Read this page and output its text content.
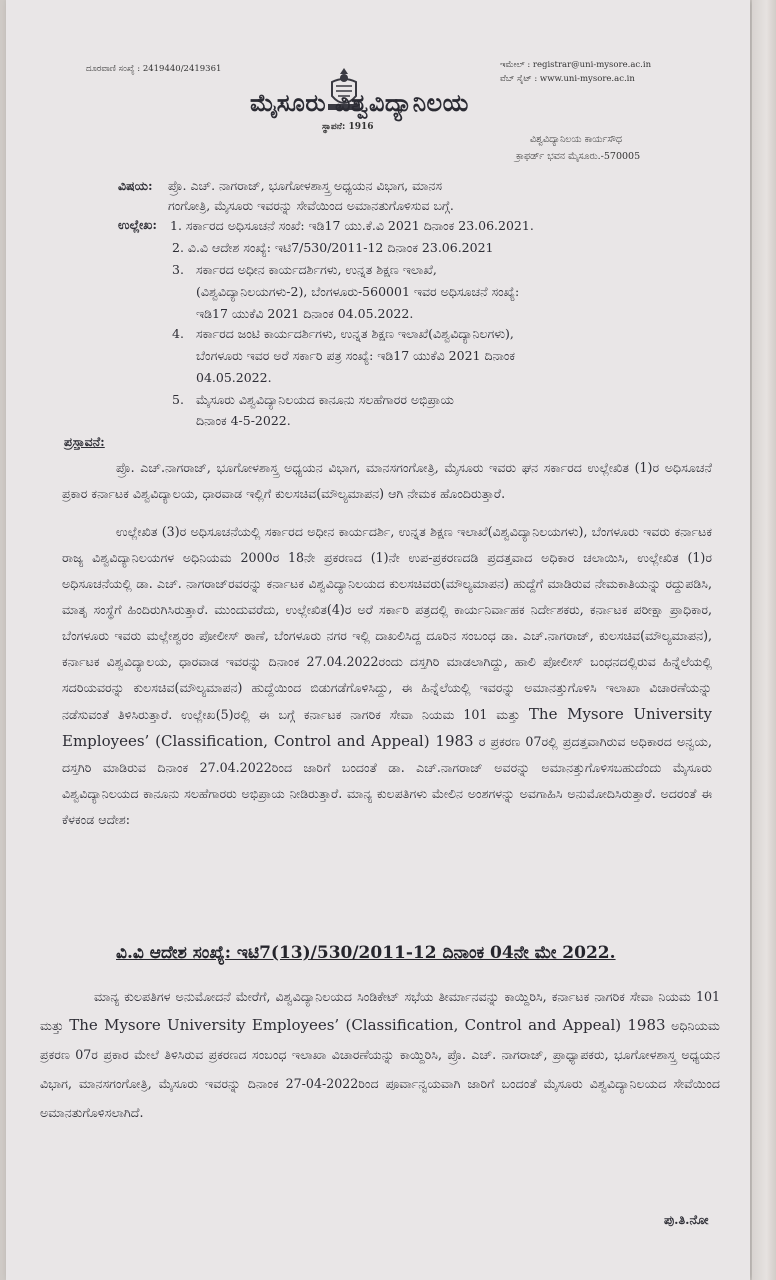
ದೂರವಾಣಿ ಸಂಖ್ಯೆ : 2419440/2419361	ಇಮೇಲ್ : registrar@uni-mysore.ac.in
ವೆಬ್ ಸೈಟ್ : www.uni-mysore.ac.in
ಮೈಸೂರು ವಿಶ್ವವಿದ್ಯಾನಿಲಯ
ಸ್ಥಾಪನೆ: 1916
ವಿಶ್ವವಿದ್ಯಾನಿಲಯ ಕಾರ್ಯಸೌಧ
ಕ್ರಾಫರ್ಡ್ ಭವನ ಮೈಸೂರು.-570005
ವಿಷಯ: ಪ್ರೊ. ಎಚ್. ನಾಗರಾಜ್, ಭೂಗೋಳಶಾಸ್ತ್ರ ಅಧ್ಯಯನ ವಿಭಾಗ, ಮಾನಸ
ಗಂಗೋತ್ರಿ, ಮೈಸೂರು ಇವರನ್ನು ಸೇವೆಯಿಂದ ಅಮಾನತುಗೊಳಿಸುವ ಬಗ್ಗೆ.
ಉಲ್ಲೇಖ: 1. ಸರ್ಕಾರದ ಅಧಿಸೂಚನೆ ಸಂಖೆ: ಇಡಿ17 ಯು.ಕೆ.ವಿ 2021 ದಿನಾಂಕ 23.06.2021.
2. ವಿ.ವಿ ಆದೇಶ ಸಂಖ್ಯೆ: ಇಟಿ7/530/2011-12 ದಿನಾಂಕ 23.06.2021
3. ಸರ್ಕಾರದ ಅಧೀನ ಕಾರ್ಯದರ್ಶಿಗಳು, ಉನ್ನತ ಶಿಕ್ಷಣ ಇಲಾಖೆ,
(ವಿಶ್ವವಿದ್ಯಾನಿಲಯಗಳು-2), ಬೆಂಗಳೂರು-560001 ಇವರ ಅಧಿಸೂಚನೆ ಸಂಖ್ಯೆ:
ಇಡಿ17 ಯುಕೆವಿ 2021 ದಿನಾಂಕ 04.05.2022.
4. ಸರ್ಕಾರದ ಜಂಟಿ ಕಾರ್ಯದರ್ಶಿಗಳು, ಉನ್ನತ ಶಿಕ್ಷಣ ಇಲಾಖೆ(ವಿಶ್ವವಿದ್ಯಾನಿಲಗಳು),
ಬೆಂಗಳೂರು ಇವರ ಅರೆ ಸರ್ಕಾರಿ ಪತ್ರ ಸಂಖ್ಯೆ: ಇಡಿ17 ಯುಕೆವಿ 2021 ದಿನಾಂಕ
04.05.2022.
5. ಮೈಸೂರು ವಿಶ್ವವಿದ್ಯಾನಿಲಯದ ಕಾನೂನು ಸಲಹೆಗಾರರ ಅಭಿಪ್ರಾಯ
ದಿನಾಂಕ 4-5-2022.
ಪ್ರಸ್ತಾವನೆ:

ಪ್ರೊ. ಎಚ್.ನಾಗರಾಜ್, ಭೂಗೋಳಶಾಸ್ತ್ರ ಅಧ್ಯಯನ ವಿಭಾಗ, ಮಾನಸಗಂಗೋತ್ರಿ, ಮೈಸೂರು ಇವರು ಘನ ಸರ್ಕಾರದ ಉಲ್ಲೇಖಿತ (1)ರ ಅಧಿಸೂಚನೆ ಪ್ರಕಾರ ಕರ್ನಾಟಕ ವಿಶ್ವವಿದ್ಯಾಲಯ, ಧಾರವಾಡ ಇಲ್ಲಿಗೆ ಕುಲಸಚಿವ(ಮೌಲ್ಯಮಾಪನ) ಆಗಿ ನೇಮಕ ಹೊಂದಿರುತ್ತಾರೆ.

ಉಲ್ಲೇಖಿತ (3)ರ ಅಧಿಸೂಚನೆಯಲ್ಲಿ ಸರ್ಕಾರದ ಅಧೀನ ಕಾರ್ಯದರ್ಶಿ, ಉನ್ನತ ಶಿಕ್ಷಣ ಇಲಾಖೆ(ವಿಶ್ವವಿದ್ಯಾನಿಲಯಗಳು), ಬೆಂಗಳೂರು ಇವರು ಕರ್ನಾಟಕ ರಾಜ್ಯ ವಿಶ್ವವಿದ್ಯಾನಿಲಯಗಳ ಅಧಿನಿಯಮ 2000ರ 18ನೇ ಪ್ರಕರಣದ (1)ನೇ ಉಪ-ಪ್ರಕರಣದಡಿ ಪ್ರದತ್ತವಾದ ಅಧಿಕಾರ ಚಲಾಯಿಸಿ, ಉಲ್ಲೇಖಿತ (1)ರ ಅಧಿಸೂಚನೆಯಲ್ಲಿ ಡಾ. ಎಚ್. ನಾಗರಾಜ್‌ರವರನ್ನು ಕರ್ನಾಟಕ ವಿಶ್ವವಿದ್ಯಾನಿಲಯದ ಕುಲಸಚಿವರು(ಮೌಲ್ಯಮಾಪನ) ಹುದ್ದೆಗೆ ಮಾಡಿರುವ ನೇಮಕಾತಿಯನ್ನು ರದ್ದುಪಡಿಸಿ, ಮಾತೃ ಸಂಸ್ಥೆಗೆ ಹಿಂದಿರುಗಿಸಿರುತ್ತಾರೆ. ಮುಂದುವರೆದು, ಉಲ್ಲೇಖಿತ(4)ರ ಅರೆ ಸರ್ಕಾರಿ ಪತ್ರದಲ್ಲಿ ಕಾರ್ಯನಿರ್ವಾಹಕ ನಿರ್ದೇಶಕರು, ಕರ್ನಾಟಕ ಪರೀಕ್ಷಾ ಪ್ರಾಧಿಕಾರ, ಬೆಂಗಳೂರು ಇವರು ಮಲ್ಲೇಶ್ವರಂ ಪೋಲೀಸ್ ಠಾಣೆ, ಬೆಂಗಳೂರು ನಗರ ಇಲ್ಲಿ ದಾಖಲಿಸಿದ್ದ ದೂರಿನ ಸಂಬಂಧ ಡಾ. ಎಚ್.ನಾಗರಾಜ್, ಕುಲಸಚಿವ(ಮೌಲ್ಯಮಾಪನ), ಕರ್ನಾಟಕ ವಿಶ್ವವಿದ್ಯಾಲಯ, ಧಾರವಾಡ ಇವರನ್ನು ದಿನಾಂಕ 27.04.2022ರಂದು ದಸ್ತಗಿರಿ ಮಾಡಲಾಗಿದ್ದು, ಹಾಲಿ ಪೋಲೀಸ್ ಬಂಧನದಲ್ಲಿರುವ ಹಿನ್ನೆಲೆಯಲ್ಲಿ ಸದರಿಯವರನ್ನು ಕುಲಸಚಿವ(ಮೌಲ್ಯಮಾಪನ) ಹುದ್ದೆಯಿಂದ ಬಿಡುಗಡೆಗೊಳಿಸಿದ್ದು, ಈ ಹಿನ್ನೆಲೆಯಲ್ಲಿ ಇವರನ್ನು ಅಮಾನತ್ತುಗೊಳಿಸಿ ಇಲಾಖಾ ವಿಚಾರಣೆಯನ್ನು ನಡೆಸುವಂತೆ ತಿಳಿಸಿರುತ್ತಾರೆ. ಉಲ್ಲೇಖ(5)ರಲ್ಲಿ ಈ ಬಗ್ಗೆ ಕರ್ನಾಟಕ ನಾಗರಿಕ ಸೇವಾ ನಿಯಮ 101 ಮತ್ತು The Mysore University Employees’ (Classification, Control and Appeal) 1983 ರ ಪ್ರಕರಣ 07ರಲ್ಲಿ ಪ್ರದತ್ತವಾಗಿರುವ ಅಧಿಕಾರದ ಅನ್ವಯ, ದಸ್ತಗಿರಿ ಮಾಡಿರುವ ದಿನಾಂಕ 27.04.2022ರಿಂದ ಜಾರಿಗೆ ಬಂದಂತೆ ಡಾ. ಎಚ್.ನಾಗರಾಜ್ ಅವರನ್ನು ಅಮಾನತ್ತುಗೊಳಿಸಬಹುದೆಂದು ಮೈಸೂರು ವಿಶ್ವವಿದ್ಯಾನಿಲಯದ ಕಾನೂನು ಸಲಹೆಗಾರರು ಅಭಿಪ್ರಾಯ ನೀಡಿರುತ್ತಾರೆ. ಮಾನ್ಯ ಕುಲಪತಿಗಳು ಮೇಲಿನ ಅಂಶಗಳನ್ನು ಅವಗಾಹಿಸಿ ಅನುಮೋದಿಸಿರುತ್ತಾರೆ. ಅದರಂತೆ ಈ ಕೆಳಕಂಡ ಆದೇಶ:

ವಿ.ವಿ ಆದೇಶ ಸಂಖ್ಯೆ: ಇಟಿ7(13)/530/2011-12 ದಿನಾಂಕ 04ನೇ ಮೇ 2022.

ಮಾನ್ಯ ಕುಲಪತಿಗಳ ಅನುಮೋದನೆ ಮೇರೆಗೆ, ವಿಶ್ವವಿದ್ಯಾನಿಲಯದ ಸಿಂಡಿಕೇಟ್ ಸಭೆಯ ತೀರ್ಮಾನವನ್ನು ಕಾಯ್ದಿರಿಸಿ, ಕರ್ನಾಟಕ ನಾಗರಿಕ ಸೇವಾ ನಿಯಮ 101 ಮತ್ತು The Mysore University Employees’ (Classification, Control and Appeal) 1983 ಅಧಿನಿಯಮ ಪ್ರಕರಣ 07ರ ಪ್ರಕಾರ ಮೇಲೆ ತಿಳಿಸಿರುವ ಪ್ರಕರಣದ ಸಂಬಂಧ ಇಲಾಖಾ ವಿಚಾರಣೆಯನ್ನು ಕಾಯ್ದಿರಿಸಿ, ಪ್ರೊ. ಎಚ್. ನಾಗರಾಜ್, ಪ್ರಾಧ್ಯಾಪಕರು, ಭೂಗೋಳಶಾಸ್ತ್ರ ಅಧ್ಯಯನ ವಿಭಾಗ, ಮಾನಸಗಂಗೋತ್ರಿ, ಮೈಸೂರು ಇವರನ್ನು ದಿನಾಂಕ 27-04-2022ರಿಂದ ಪೂರ್ವಾನ್ವಯವಾಗಿ ಜಾರಿಗೆ ಬಂದಂತೆ ಮೈಸೂರು ವಿಶ್ವವಿದ್ಯಾನಿಲಯದ ಸೇವೆಯಿಂದ ಅಮಾನತುಗೊಳಿಸಲಾಗಿದೆ.

ಪು.ತಿ.ನೋ
